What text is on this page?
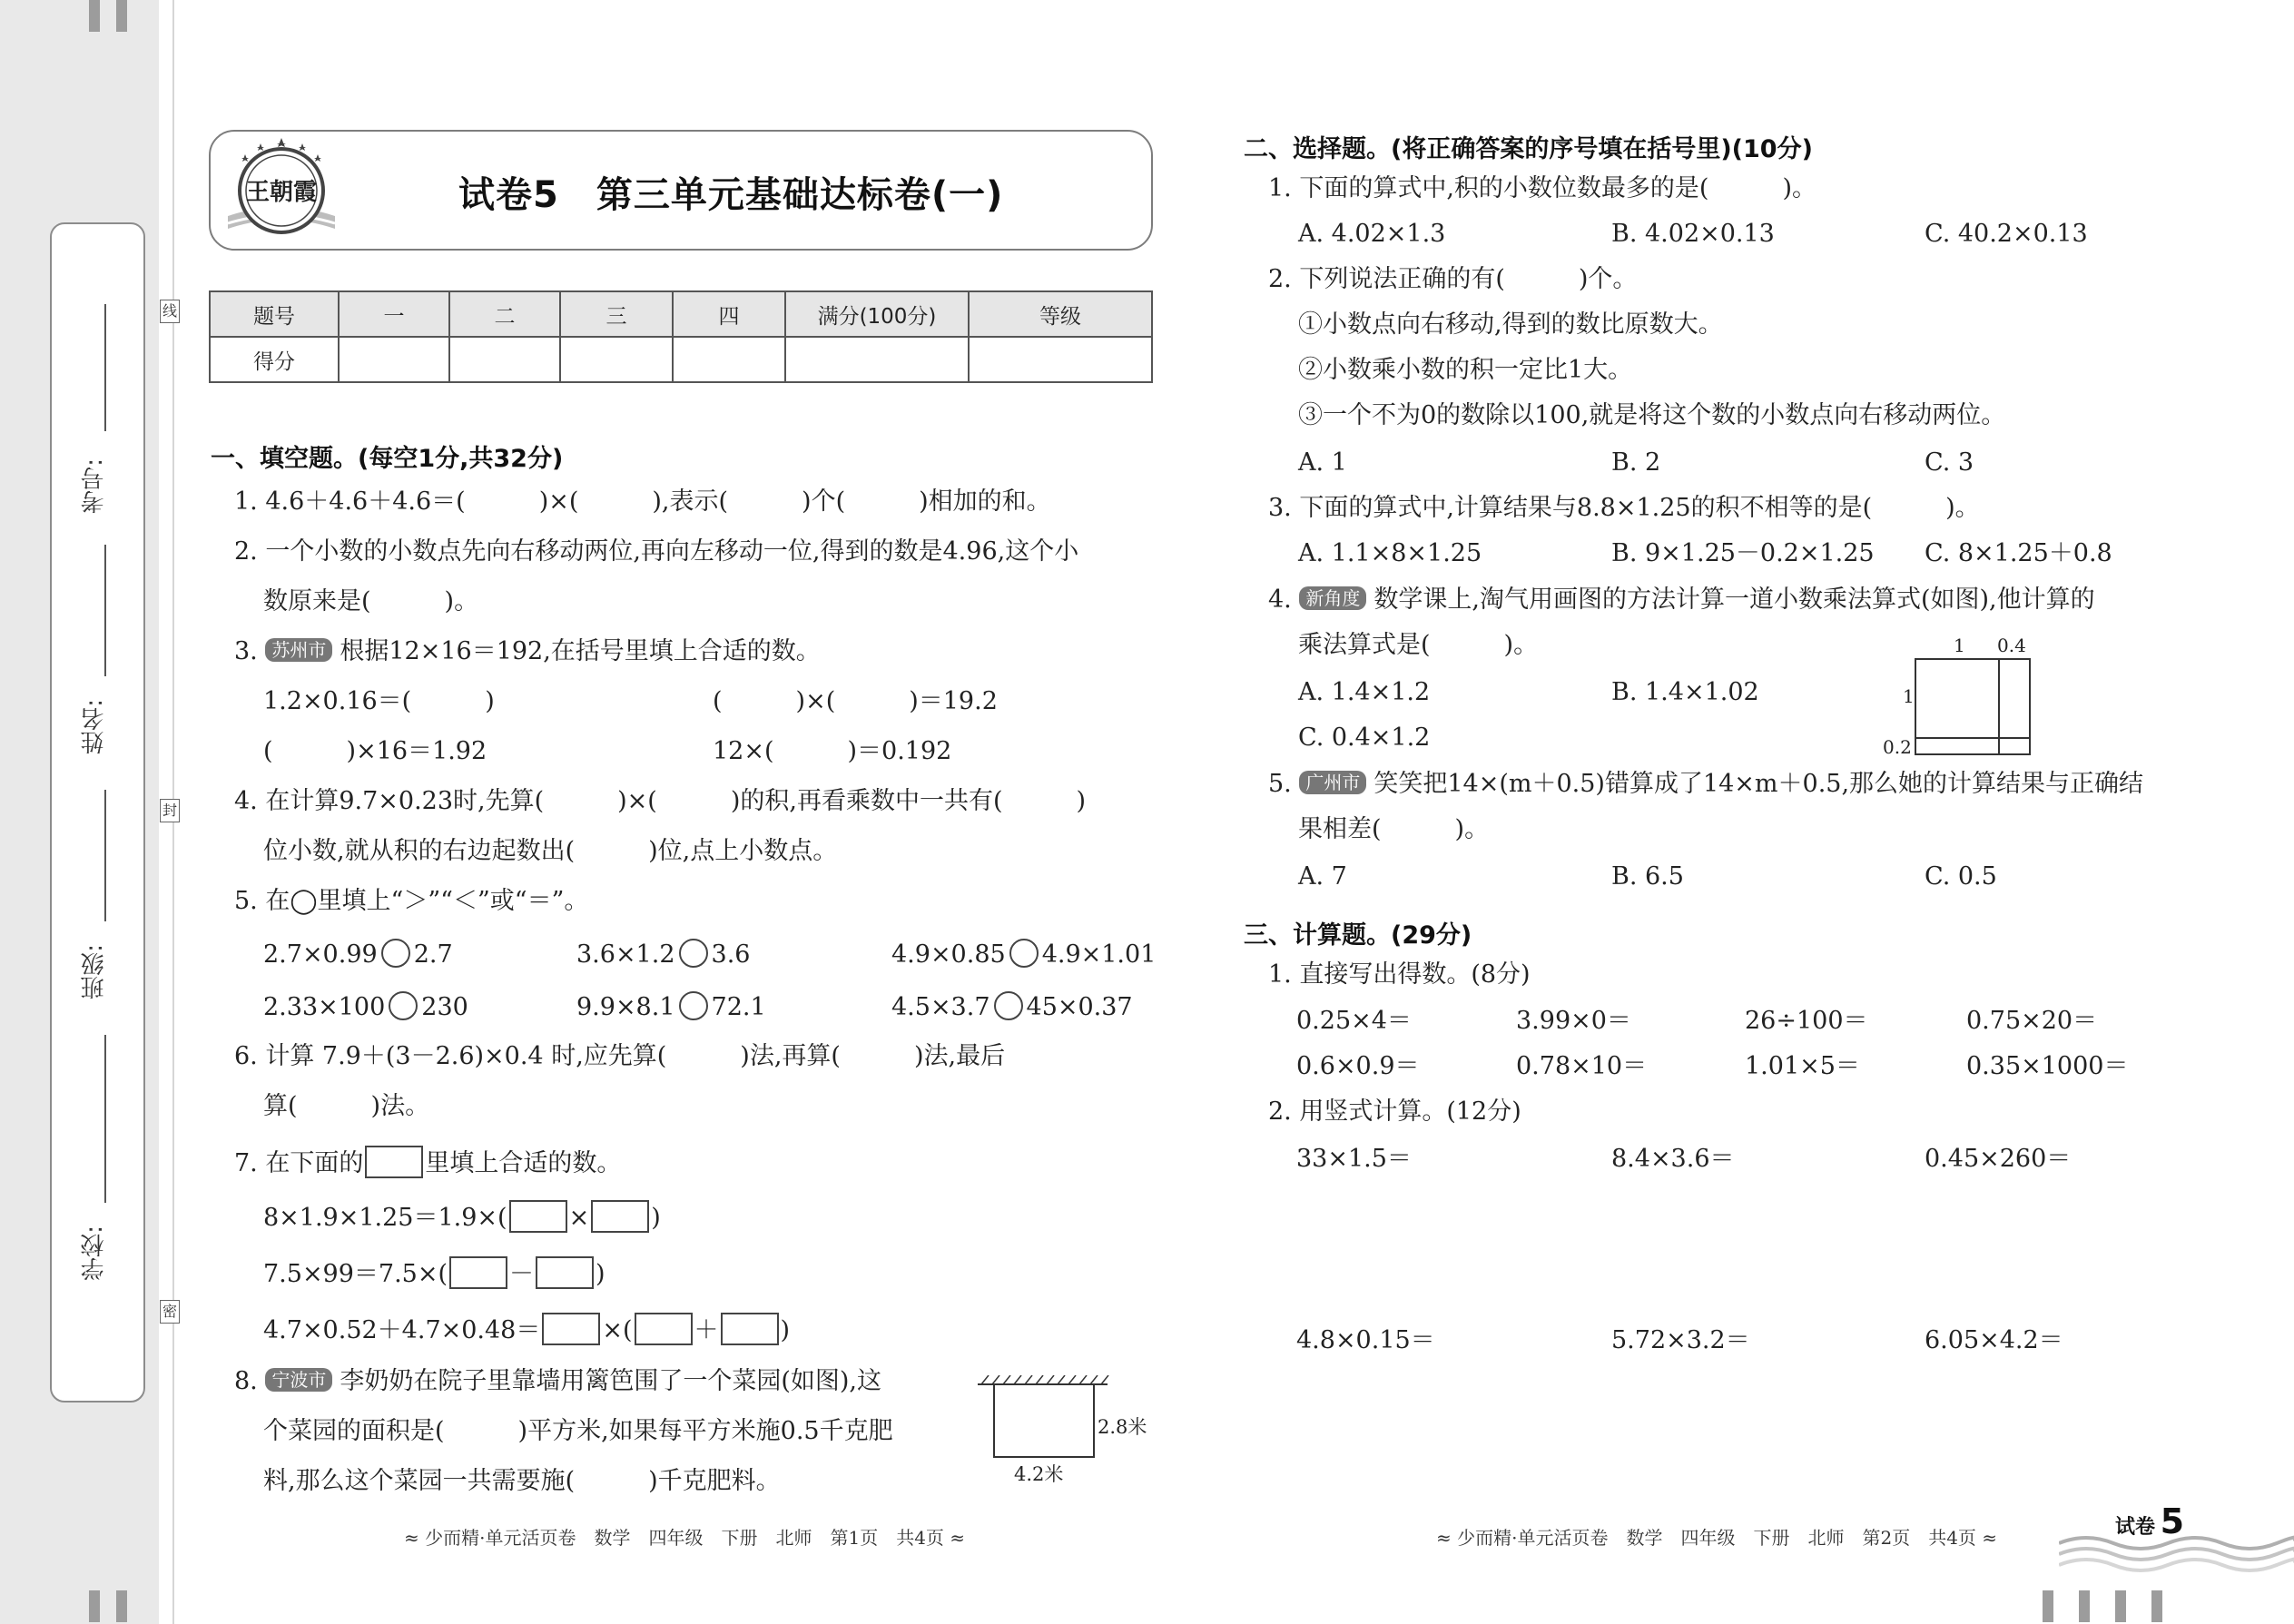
考号:
姓名:
班级:
学校:
线
封
密
王朝霞	试卷5　第三单元基础达标卷(一)
题号	一	二	三	四	满分(100分)	等级
得分						
一、填空题。(每空1分,共32分)
1. 4.6＋4.6＋4.6＝(　　　)×(　　　),表示(　　　)个(　　　)相加的和。
2. 一个小数的小数点先向右移动两位,再向左移动一位,得到的数是4.96,这个小
数原来是(　　　)。
3. 苏州市 根据12×16＝192,在括号里填上合适的数。
1.2×0.16＝(　　　)	(　　　)×(　　　)＝19.2
(　　　)×16＝1.92	12×(　　　)＝0.192
4. 在计算9.7×0.23时,先算(　　　)×(　　　)的积,再看乘数中一共有(　　　)
位小数,就从积的右边起数出(　　　)位,点上小数点。
5. 在◯里填上“＞”“＜”或“＝”。
2.7×0.99 2.7	3.6×1.2 3.6	4.9×0.85 4.9×1.01
2.33×100 230	9.9×8.1 72.1	4.5×3.7 45×0.37
6. 计算 7.9＋(3－2.6)×0.4 时,应先算(　　　)法,再算(　　　)法,最后
算(　　　)法。
7. 在下面的	里填上合适的数。
8×1.9×1.25＝1.9×(	×	)
7.5×99＝7.5×(	－	)
4.7×0.52＋4.7×0.48＝	×(	＋	)
8. 宁波市 李奶奶在院子里靠墙用篱笆围了一个菜园(如图),这
个菜园的面积是(　　　)平方米,如果每平方米施0.5千克肥
料,那么这个菜园一共需要施(　　　)千克肥料。
2.8米
4.2米
≈ 少而精·单元活页卷　数学　四年级　下册　北师　第1页　共4页 ≈
二、选择题。(将正确答案的序号填在括号里)(10分)
1. 下面的算式中,积的小数位数最多的是(　　　)。
A. 4.02×1.3	B. 4.02×0.13	C. 40.2×0.13
2. 下列说法正确的有(　　　)个。
①小数点向右移动,得到的数比原数大。
②小数乘小数的积一定比1大。
③一个不为0的数除以100,就是将这个数的小数点向右移动两位。
A. 1	B. 2	C. 3
3. 下面的算式中,计算结果与8.8×1.25的积不相等的是(　　　)。
A. 1.1×8×1.25	B. 9×1.25－0.2×1.25 C. 8×1.25＋0.8
4. 新角度 数学课上,淘气用画图的方法计算一道小数乘法算式(如图),他计算的
乘法算式是(　　　)。
A. 1.4×1.2	B. 1.4×1.02
C. 0.4×1.2
1 0.4
1
0.2
5. 广州市 笑笑把14×(m＋0.5)错算成了14×m＋0.5,那么她的计算结果与正确结
果相差(　　　)。
A. 7	B. 6.5	C. 0.5
三、计算题。(29分)
1. 直接写出得数。(8分)
0.25×4＝	3.99×0＝	26÷100＝	0.75×20＝
0.6×0.9＝	0.78×10＝	1.01×5＝	0.35×1000＝
2. 用竖式计算。(12分)
33×1.5＝	8.4×3.6＝	0.45×260＝
4.8×0.15＝	5.72×3.2＝	6.05×4.2＝
≈ 少而精·单元活页卷　数学　四年级　下册　北师　第2页　共4页 ≈	试卷 5
